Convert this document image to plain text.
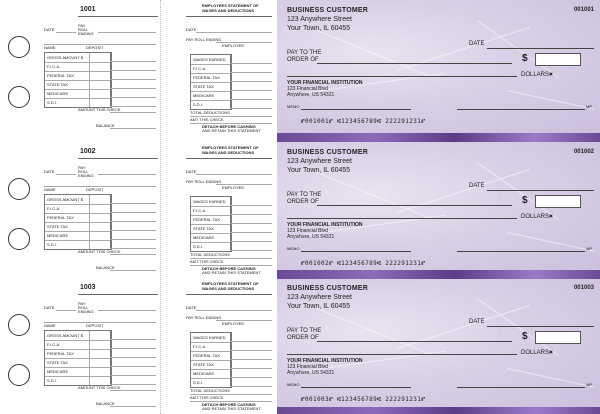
1001
DATE
PAY ROLL ENDING
NAME	DEPOSIT
GROSS AMOUNT $
F.I.C.A.
FEDERAL TAX
STATE TAX
MEDICARE
S.D.I.
AMOUNT THIS CHECK
BALANCE
EMPLOYEES STATEMENT OF
WAGES AND DEDUCTIONS
DATE
PAY ROLL ENDING
EMPLOYEE
WAGES EARNED
F.I.C.A.
FEDERAL TAX
STATE TAX
MEDICARE
S.D.I.
TOTAL DEDUCTIONS
AMT THIS CHECK
DETACH BEFORE CASHING
AND RETAIN THIS STATEMENT
BUSINESS CUSTOMER
123 Anywhere Street
Your Town, IL 60455
001001
DATE
PAY TO THE
ORDER OF	$
DOLLARS ▣
YOUR FINANCIAL INSTITUTION
123 Financial Blvd
Anywhere, US 54321
MEMO	MP
⑈001001⑈ ⑆123456789⑆ 222291231⑈
1002
DATE
PAY ROLL ENDING
NAME	DEPOSIT
GROSS AMOUNT $
F.I.C.A.
FEDERAL TAX
STATE TAX
MEDICARE
S.D.I.
AMOUNT THIS CHECK
BALANCE
EMPLOYEES STATEMENT OF
WAGES AND DEDUCTIONS
DATE
PAY ROLL ENDING
EMPLOYEE
WAGES EARNED
F.I.C.A.
FEDERAL TAX
STATE TAX
MEDICARE
S.D.I.
TOTAL DEDUCTIONS
AMT THIS CHECK
DETACH BEFORE CASHING
AND RETAIN THIS STATEMENT
BUSINESS CUSTOMER
123 Anywhere Street
Your Town, IL 60455
001002
DATE
PAY TO THE
ORDER OF	$
DOLLARS ▣
YOUR FINANCIAL INSTITUTION
123 Financial Blvd
Anywhere, US 54321
MEMO	MP
⑈001002⑈ ⑆123456789⑆ 222291231⑈
1003
DATE
PAY ROLL ENDING
NAME	DEPOSIT
GROSS AMOUNT $
F.I.C.A.
FEDERAL TAX
STATE TAX
MEDICARE
S.D.I.
AMOUNT THIS CHECK
BALANCE
EMPLOYEES STATEMENT OF
WAGES AND DEDUCTIONS
DATE
PAY ROLL ENDING
EMPLOYEE
WAGES EARNED
F.I.C.A.
FEDERAL TAX
STATE TAX
MEDICARE
S.D.I.
TOTAL DEDUCTIONS
AMT THIS CHECK
DETACH BEFORE CASHING
AND RETAIN THIS STATEMENT
BUSINESS CUSTOMER
123 Anywhere Street
Your Town, IL 60455
001003
DATE
PAY TO THE
ORDER OF	$
DOLLARS ▣
YOUR FINANCIAL INSTITUTION
123 Financial Blvd
Anywhere, US 54321
MEMO	MP
⑈001003⑈ ⑆123456789⑆ 222291231⑈
